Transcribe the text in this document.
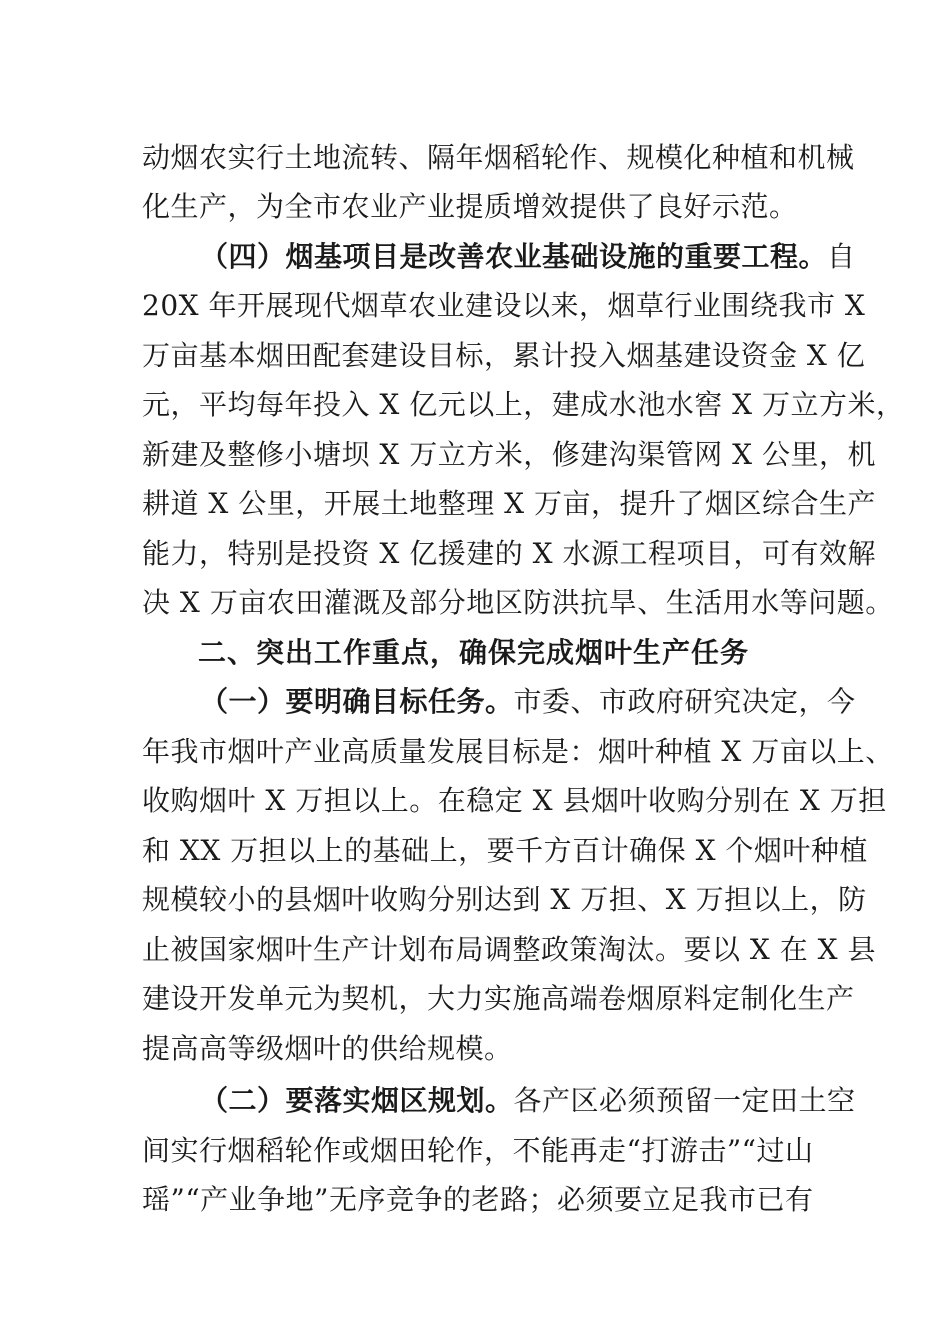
动烟农实行土地流转、隔年烟稻轮作、规模化种植和机械
化生产，为全市农业产业提质增效提供了良好示范。
（四）烟基项目是改善农业基础设施的重要工程。自
20X 年开展现代烟草农业建设以来，烟草行业围绕我市 X
万亩基本烟田配套建设目标，累计投入烟基建设资金 X 亿
元，平均每年投入 X 亿元以上，建成水池水窖 X 万立方米，
新建及整修小塘坝 X 万立方米，修建沟渠管网 X 公里，机
耕道 X 公里，开展土地整理 X 万亩，提升了烟区综合生产
能力，特别是投资 X 亿援建的 X 水源工程项目，可有效解
决 X 万亩农田灌溉及部分地区防洪抗旱、生活用水等问题。
二、突出工作重点，确保完成烟叶生产任务
（一）要明确目标任务。市委、市政府研究决定，今
年我市烟叶产业高质量发展目标是：烟叶种植 X 万亩以上、
收购烟叶 X 万担以上。在稳定 X 县烟叶收购分别在 X 万担
和 XX 万担以上的基础上，要千方百计确保 X 个烟叶种植
规模较小的县烟叶收购分别达到 X 万担、X 万担以上，防
止被国家烟叶生产计划布局调整政策淘汰。要以 X 在 X 县
建设开发单元为契机，大力实施高端卷烟原料定制化生产
提高高等级烟叶的供给规模。
（二）要落实烟区规划。各产区必须预留一定田土空
间实行烟稻轮作或烟田轮作，不能再走“打游击”“过山
瑶”“产业争地”无序竞争的老路；必须要立足我市已有
